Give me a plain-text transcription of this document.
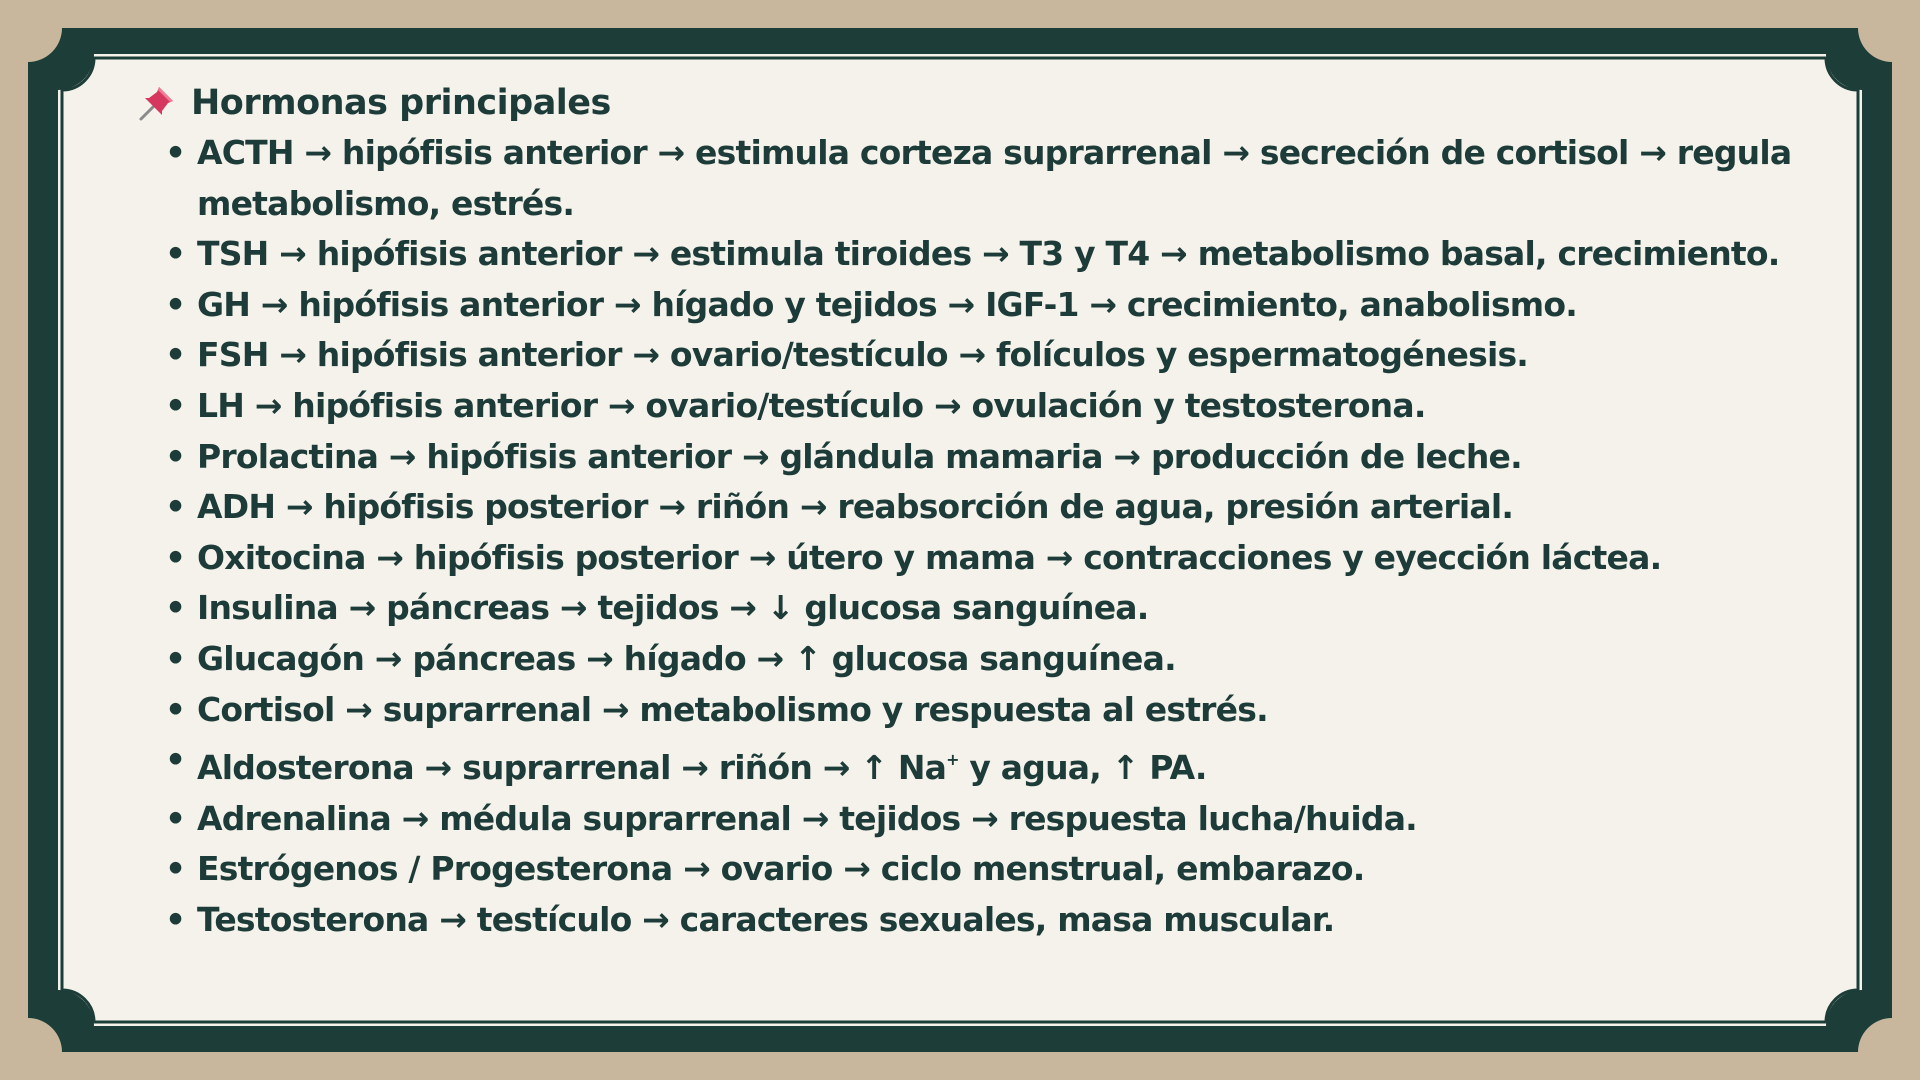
Hormonas principales
• ACTH → hipófisis anterior → estimula corteza suprarrenal → secreción de cortisol → regula metabolismo, estrés.
• TSH → hipófisis anterior → estimula tiroides → T3 y T4 → metabolismo basal, crecimiento.
• GH → hipófisis anterior → hígado y tejidos → IGF-1 → crecimiento, anabolismo.
• FSH → hipófisis anterior → ovario/testículo → folículos y espermatogénesis.
• LH → hipófisis anterior → ovario/testículo → ovulación y testosterona.
• Prolactina → hipófisis anterior → glándula mamaria → producción de leche.
• ADH → hipófisis posterior → riñón → reabsorción de agua, presión arterial.
• Oxitocina → hipófisis posterior → útero y mama → contracciones y eyección láctea.
• Insulina → páncreas → tejidos → ↓ glucosa sanguínea.
• Glucagón → páncreas → hígado → ↑ glucosa sanguínea.
• Cortisol → suprarrenal → metabolismo y respuesta al estrés.
• Aldosterona → suprarrenal → riñón → ↑ Na+ y agua, ↑ PA.
• Adrenalina → médula suprarrenal → tejidos → respuesta lucha/huida.
• Estrógenos / Progesterona → ovario → ciclo menstrual, embarazo.
• Testosterona → testículo → caracteres sexuales, masa muscular.
